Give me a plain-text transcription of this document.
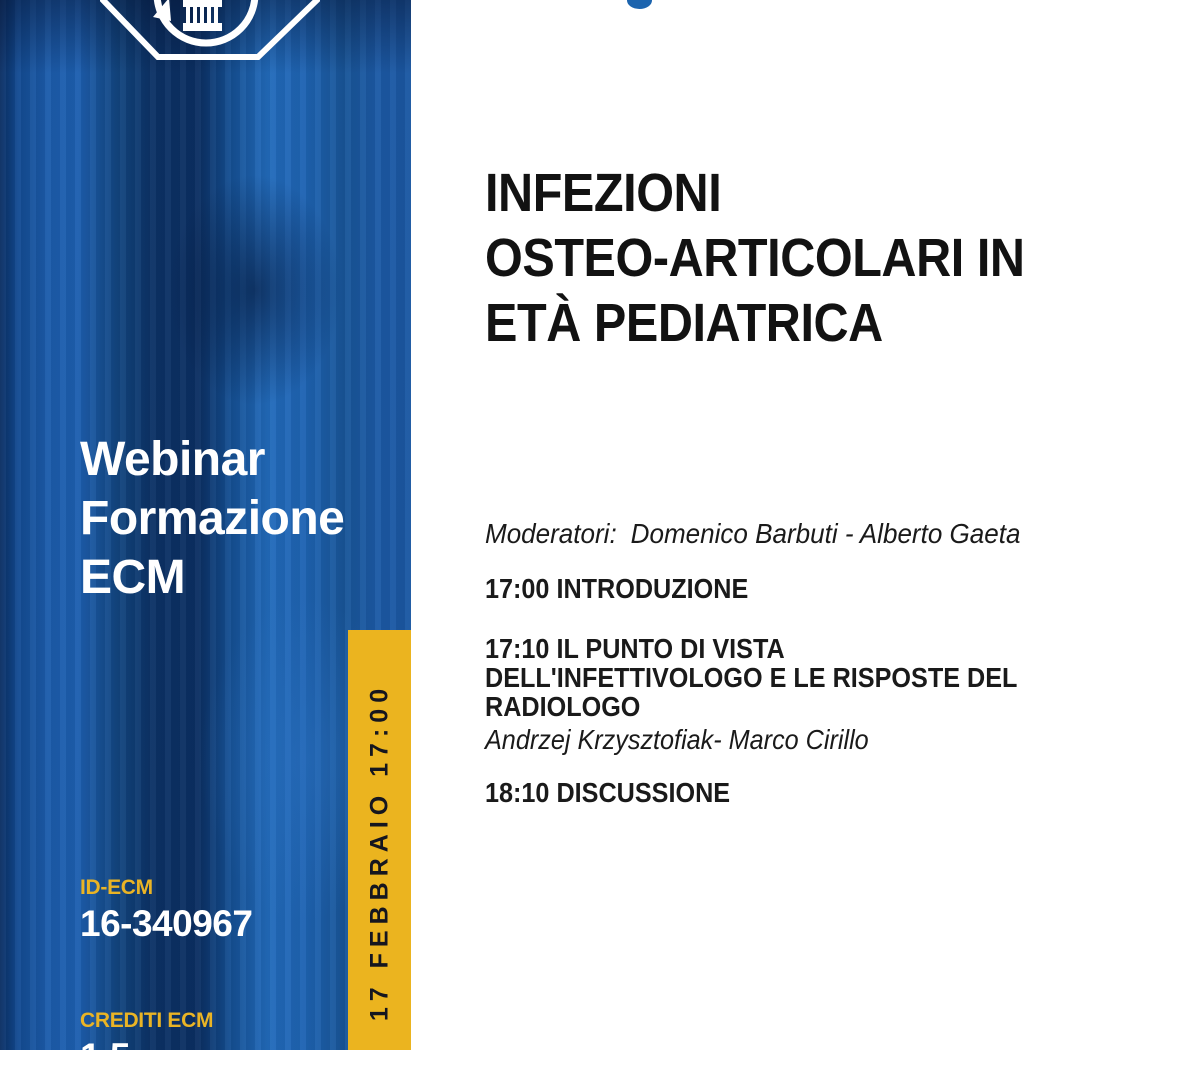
Webinar
Formazione
ECM
ID-ECM
16-340967
CREDITI ECM
1.5
17 FEBBRAIO 17:00
INFEZIONI
OSTEO-ARTICOLARI IN
ETÀ PEDIATRICA

Moderatori: Domenico Barbuti - Alberto Gaeta

17:00 INTRODUZIONE
17:10 IL PUNTO DI VISTA
DELL'INFETTIVOLOGO E LE RISPOSTE DEL
RADIOLOGO
Andrzej Krzysztofiak- Marco Cirillo
18:10 DISCUSSIONE
